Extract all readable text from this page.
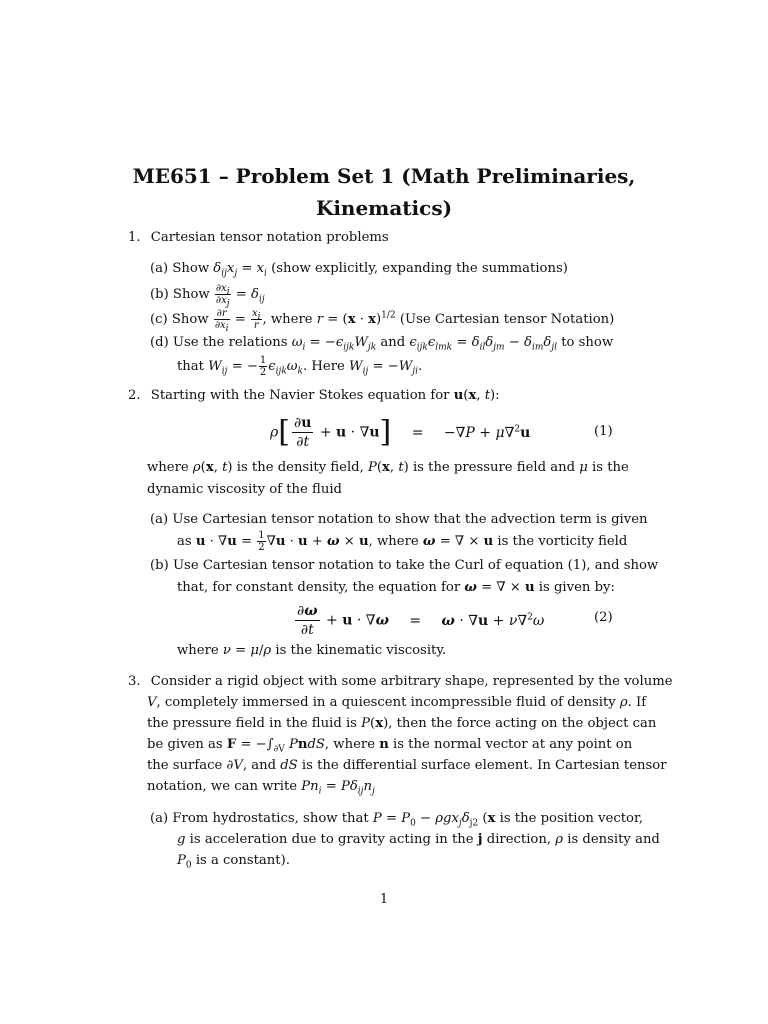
ME651 – Problem Set 1 (Math Preliminaries,
Kinematics)
1. Cartesian tensor notation problems
(a) Show $\delta_{ij}x_j = x_i$ (show explicitly, expanding the summations)
(b) Show $\frac{\partial x_i}{\partial x_j} = \delta_{ij}$
(c) Show $\frac{\partial r}{\partial x_i} = \frac{x_i}{r}$ , where $r = (x \cdot x)^{1/2}$ (Use Cartesian tensor Notation)
(d) Use the relations $\omega_i = -\epsilon_{ijk}W_{jk}$ and $\epsilon_{ijk}\epsilon_{lmk} = \delta_{il}\delta_{jm} - \delta_{im}\delta_{jl}$ to show
that $W_{ij}$ = − $\frac{1}{2} \epsilon_{ijk}\omega_k$. Here $W_{ij} = -W_{ji}$.
2. Starting with the Navier Stokes equation for u(x, t):
$\rho[ \frac{\partial u}{\partial t} + u \cdot \nabla u] = -\nabla P + \mu\nabla^2u$	(1)
where ρ(x, t) is the density field, P(x, t) is the pressure field and μ is the
dynamic viscosity of the fluid
(a) Use Cartesian tensor notation to show that the advection term is given
as $u \cdot \nabla u = \frac{1}{2} \nabla u \cdot u + \omega \times u$, where ω = ∇ × u is the vorticity field
(b) Use Cartesian tensor notation to take the Curl of equation (1), and show
that, for constant density, the equation for ω = ∇ × u is given by:
$\frac{\partial\omega}{\partial t} + u \cdot \nabla\omega = \omega \cdot \nabla u + \nu\nabla^2\omega$	(2)
where ν = μ/ρ is the kinematic viscosity.
3. Consider a rigid object with some arbitrary shape, represented by the volume
V, completely immersed in a quiescent incompressible fluid of density ρ. If
the pressure field in the fluid is P(x), then the force acting on the object can
be given as $F = -\int_{\partial V}$ PndS, where n is the normal vector at any point on
the surface ∂V, and dS is the differential surface element. In Cartesian tensor
notation, we can write $Pn_i = P\delta_{ij}n_j$
(a) From hydrostatics, show that $P = P_0 - \rho gx_j\delta_{j2}$ (x is the position vector,
g is acceleration due to gravity acting in the j direction, ρ is density and
$P_0$ is a constant).
1
